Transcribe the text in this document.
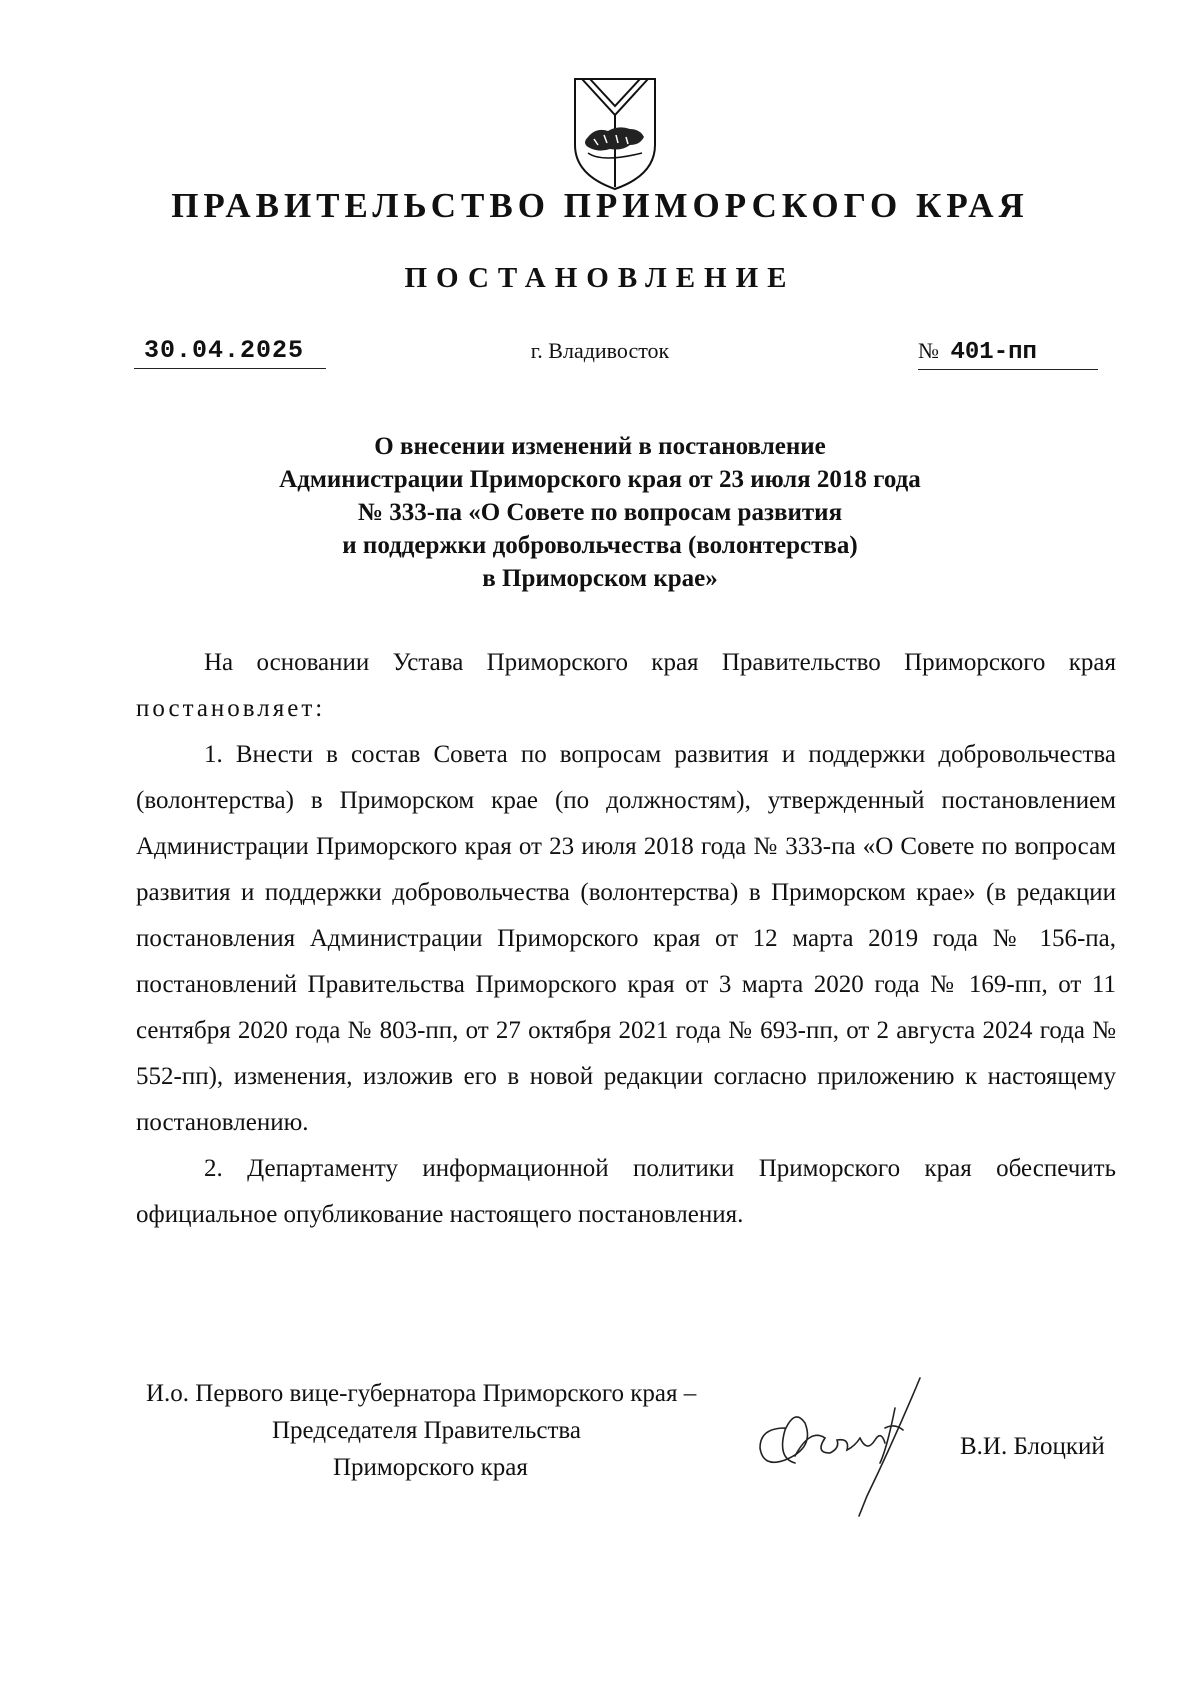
ПРАВИТЕЛЬСТВО ПРИМОРСКОГО КРАЯ
ПОСТАНОВЛЕНИЕ
30.04.2025	г. Владивосток	№ 401-пп
О внесении изменений в постановление
Администрации Приморского края от 23 июля 2018 года
№ 333-па «О Совете по вопросам развития
и поддержки добровольчества (волонтерства)
в Приморском крае»

На основании Устава Приморского края Правительство Приморского края постановляет:

1. Внести в состав Совета по вопросам развития и поддержки добровольчества (волонтерства) в Приморском крае (по должностям), утвержденный постановлением Администрации Приморского края от 23 июля 2018 года № 333-па «О Совете по вопросам развития и поддержки добровольчества (волонтерства) в Приморском крае» (в редакции постановления Администрации Приморского края от 12 марта 2019 года № 156-па, постановлений Правительства Приморского края от 3 марта 2020 года № 169-пп, от 11 сентября 2020 года № 803-пп, от 27 октября 2021 года № 693-пп, от 2 августа 2024 года № 552-пп), изменения, изложив его в новой редакции согласно приложению к настоящему постановлению.

2. Департаменту информационной политики Приморского края обеспечить официальное опубликование настоящего постановления.

И.о. Первого вице-губернатора Приморского края –
Председателя Правительства
Приморского края
В.И. Блоцкий
